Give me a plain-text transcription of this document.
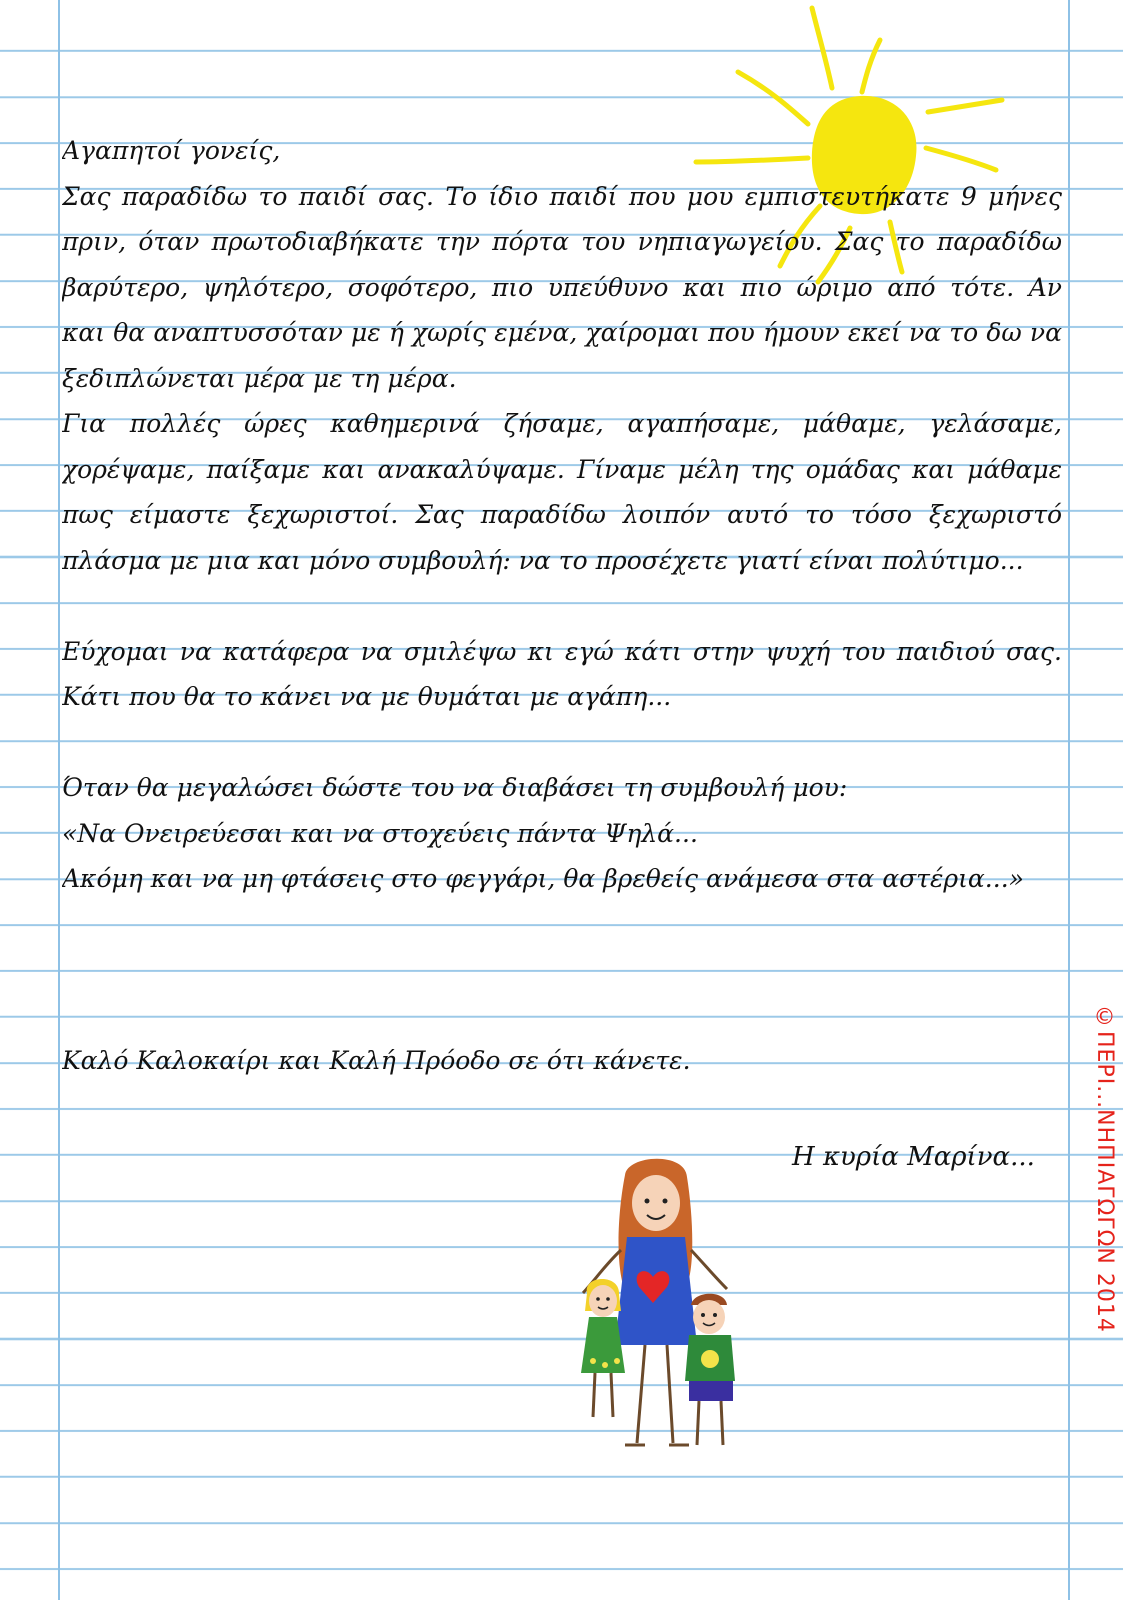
Αγαπητοί γονείς,
Σας παραδίδω το παιδί σας. Το ίδιο παιδί που μου εμπιστευτήκατε 9 μήνες
πριν, όταν πρωτοδιαβήκατε την πόρτα του νηπιαγωγείου. Σας το παραδίδω
βαρύτερο, ψηλότερο, σοφότερο, πιο υπεύθυνο και πιο ώριμο από τότε. Αν
και θα αναπτυσσόταν με ή χωρίς εμένα, χαίρομαι που ήμουν εκεί να το δω να
ξεδιπλώνεται μέρα με τη μέρα.
Για πολλές ώρες καθημερινά ζήσαμε, αγαπήσαμε, μάθαμε, γελάσαμε,
χορέψαμε, παίξαμε και ανακαλύψαμε. Γίναμε μέλη της ομάδας και μάθαμε
πως είμαστε ξεχωριστοί. Σας παραδίδω λοιπόν αυτό το τόσο ξεχωριστό
πλάσμα με μια και μόνο συμβουλή: να το προσέχετε γιατί είναι πολύτιμο...
Εύχομαι να κατάφερα να σμιλέψω κι εγώ κάτι στην ψυχή του παιδιού σας.
Κάτι που θα το κάνει να με θυμάται με αγάπη...
Όταν θα μεγαλώσει δώστε του να διαβάσει τη συμβουλή μου:
«Να Ονειρεύεσαι και να στοχεύεις πάντα Ψηλά...
Ακόμη και να μη φτάσεις στο φεγγάρι, θα βρεθείς ανάμεσα στα αστέρια...»
Καλό Καλοκαίρι και Καλή Πρόοδο σε ότι κάνετε.
Η κυρία Μαρίνα...	©ΠΕΡΙ...ΝΗΠΙΑΓΩΓΩΝ 2014
